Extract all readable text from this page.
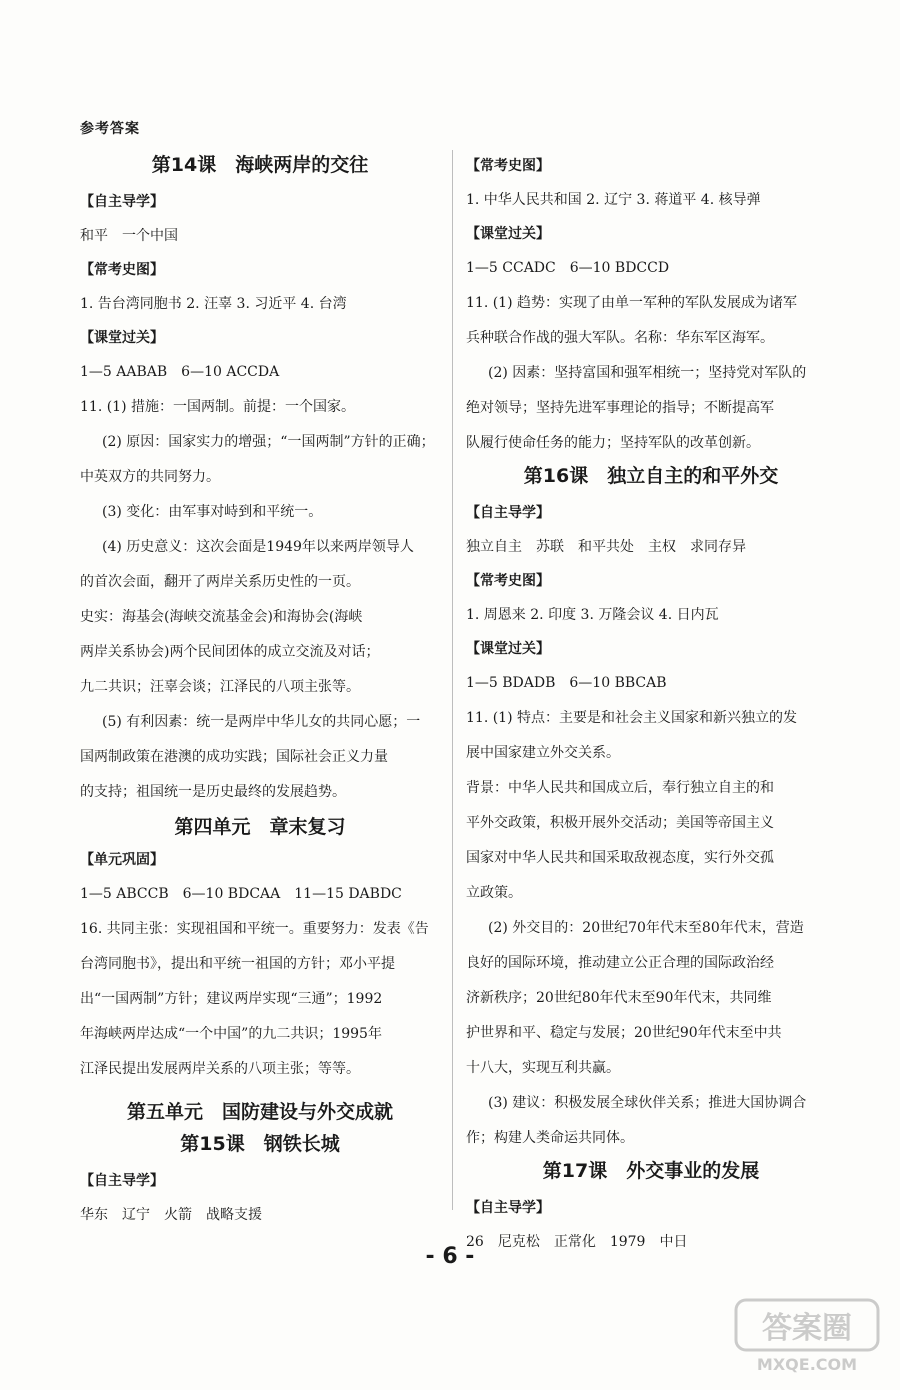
参考答案
第14课　海峡两岸的交往
【自主导学】
和平　一个中国
【常考史图】
1. 告台湾同胞书 2. 汪辜 3. 习近平 4. 台湾
【课堂过关】
1—5 AABAB　6—10 ACCDA
11. (1) 措施：一国两制。前提：一个国家。
(2) 原因：国家实力的增强；“一国两制”方针的正确；
中英双方的共同努力。
(3) 变化：由军事对峙到和平统一。
(4) 历史意义：这次会面是1949年以来两岸领导人
的首次会面，翻开了两岸关系历史性的一页。
史实：海基会(海峡交流基金会)和海协会(海峡
两岸关系协会)两个民间团体的成立交流及对话；
九二共识；汪辜会谈；江泽民的八项主张等。
(5) 有利因素：统一是两岸中华儿女的共同心愿；一
国两制政策在港澳的成功实践；国际社会正义力量
的支持；祖国统一是历史最终的发展趋势。
第四单元　章末复习
【单元巩固】
1—5 ABCCB　6—10 BDCAA　11—15 DABDC
16. 共同主张：实现祖国和平统一。重要努力：发表《告
台湾同胞书》，提出和平统一祖国的方针；邓小平提
出“一国两制”方针；建议两岸实现“三通”；1992
年海峡两岸达成“一个中国”的九二共识；1995年
江泽民提出发展两岸关系的八项主张；等等。
第五单元　国防建设与外交成就
第15课　钢铁长城
【自主导学】
华东　辽宁　火箭　战略支援
【常考史图】
1. 中华人民共和国 2. 辽宁 3. 蒋道平 4. 核导弹
【课堂过关】
1—5 CCADC　6—10 BDCCD
11. (1) 趋势：实现了由单一军种的军队发展成为诸军
兵种联合作战的强大军队。名称：华东军区海军。
(2) 因素：坚持富国和强军相统一；坚持党对军队的
绝对领导；坚持先进军事理论的指导；不断提高军
队履行使命任务的能力；坚持军队的改革创新。
第16课　独立自主的和平外交
【自主导学】
独立自主　苏联　和平共处　主权　求同存异
【常考史图】
1. 周恩来 2. 印度 3. 万隆会议 4. 日内瓦
【课堂过关】
1—5 BDADB　6—10 BBCAB
11. (1) 特点：主要是和社会主义国家和新兴独立的发
展中国家建立外交关系。
背景：中华人民共和国成立后，奉行独立自主的和
平外交政策，积极开展外交活动；美国等帝国主义
国家对中华人民共和国采取敌视态度，实行外交孤
立政策。
(2) 外交目的：20世纪70年代末至80年代末，营造
良好的国际环境，推动建立公正合理的国际政治经
济新秩序；20世纪80年代末至90年代末，共同维
护世界和平、稳定与发展；20世纪90年代末至中共
十八大，实现互利共赢。
(3) 建议：积极发展全球伙伴关系；推进大国协调合
作；构建人类命运共同体。
第17课　外交事业的发展
【自主导学】
26　尼克松　正常化　1979　中日
- 6 -
答案圈
MXQE.COM
